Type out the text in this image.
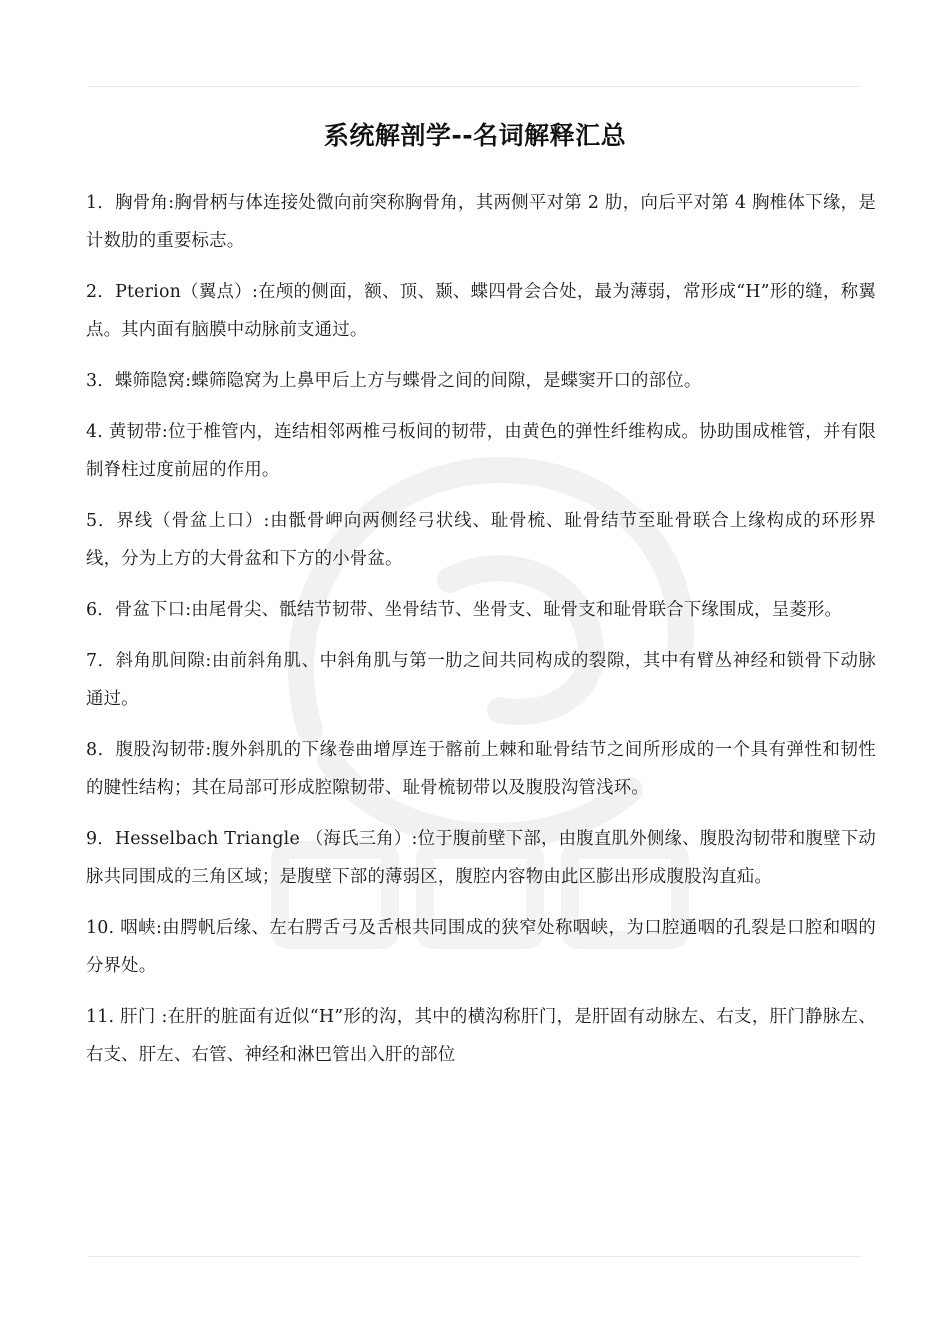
系统解剖学--名词解释汇总
1．胸骨角:胸骨柄与体连接处微向前突称胸骨角，其两侧平对第 2 肋，向后平对第 4 胸椎体下缘，是计数肋的重要标志。
2．Pterion（翼点）:在颅的侧面，额、顶、颞、蝶四骨会合处，最为薄弱，常形成“H”形的缝，称翼点。其内面有脑膜中动脉前支通过。
3．蝶筛隐窝:蝶筛隐窝为上鼻甲后上方与蝶骨之间的间隙，是蝶窦开口的部位。
4. 黄韧带:位于椎管内，连结相邻两椎弓板间的韧带，由黄色的弹性纤维构成。协助围成椎管，并有限制脊柱过度前屈的作用。
5．界线（骨盆上口）:由骶骨岬向两侧经弓状线、耻骨梳、耻骨结节至耻骨联合上缘构成的环形界线，分为上方的大骨盆和下方的小骨盆。
6．骨盆下口:由尾骨尖、骶结节韧带、坐骨结节、坐骨支、耻骨支和耻骨联合下缘围成，呈菱形。
7．斜角肌间隙:由前斜角肌、中斜角肌与第一肋之间共同构成的裂隙，其中有臂丛神经和锁骨下动脉通过。
8．腹股沟韧带:腹外斜肌的下缘卷曲增厚连于髂前上棘和耻骨结节之间所形成的一个具有弹性和韧性的腱性结构；其在局部可形成腔隙韧带、耻骨梳韧带以及腹股沟管浅环。
9．Hesselbach Triangle （海氏三角）:位于腹前壁下部，由腹直肌外侧缘、腹股沟韧带和腹壁下动脉共同围成的三角区域；是腹壁下部的薄弱区，腹腔内容物由此区膨出形成腹股沟直疝。
10. 咽峡:由腭帆后缘、左右腭舌弓及舌根共同围成的狭窄处称咽峡，为口腔通咽的孔裂是口腔和咽的分界处。
11. 肝门 :在肝的脏面有近似“H”形的沟，其中的横沟称肝门，是肝固有动脉左、右支，肝门静脉左、右支、肝左、右管、神经和淋巴管出入肝的部位
